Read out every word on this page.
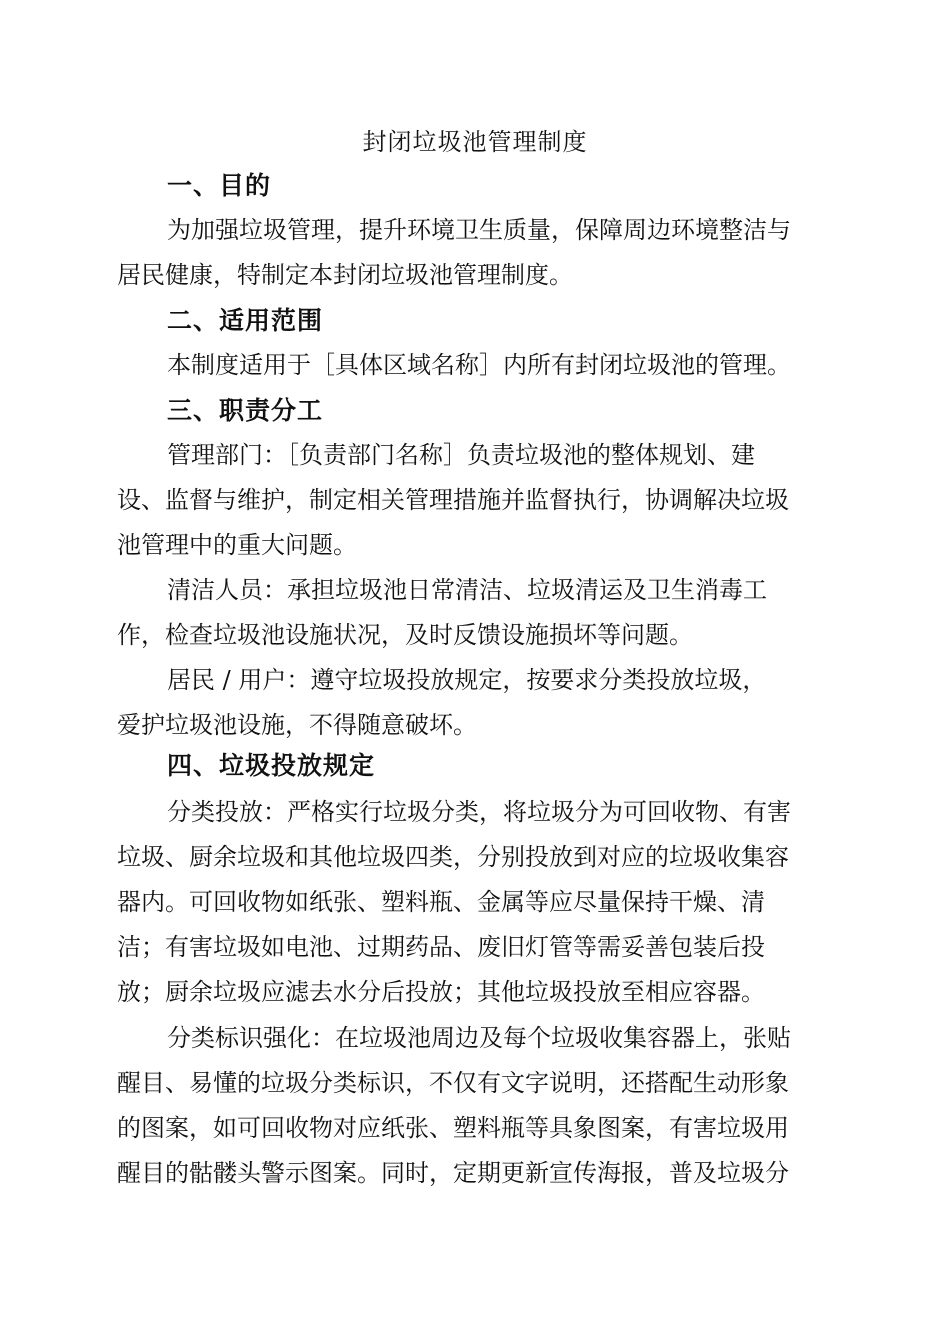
封闭垃圾池管理制度
一、目的
为加强垃圾管理，提升环境卫生质量，保障周边环境整洁与
居民健康，特制定本封闭垃圾池管理制度。
二、适用范围
本制度适用于［具体区域名称］内所有封闭垃圾池的管理。
三、职责分工
管理部门：［负责部门名称］负责垃圾池的整体规划、建
设、监督与维护，制定相关管理措施并监督执行，协调解决垃圾
池管理中的重大问题。
清洁人员：承担垃圾池日常清洁、垃圾清运及卫生消毒工
作，检查垃圾池设施状况，及时反馈设施损坏等问题。
居民 / 用户：遵守垃圾投放规定，按要求分类投放垃圾，
爱护垃圾池设施，不得随意破坏。
四、垃圾投放规定
分类投放：严格实行垃圾分类，将垃圾分为可回收物、有害
垃圾、厨余垃圾和其他垃圾四类，分别投放到对应的垃圾收集容
器内。可回收物如纸张、塑料瓶、金属等应尽量保持干燥、清
洁；有害垃圾如电池、过期药品、废旧灯管等需妥善包装后投
放；厨余垃圾应滤去水分后投放；其他垃圾投放至相应容器。
分类标识强化：在垃圾池周边及每个垃圾收集容器上，张贴
醒目、易懂的垃圾分类标识，不仅有文字说明，还搭配生动形象
的图案，如可回收物对应纸张、塑料瓶等具象图案，有害垃圾用
醒目的骷髅头警示图案。同时，定期更新宣传海报，普及垃圾分
